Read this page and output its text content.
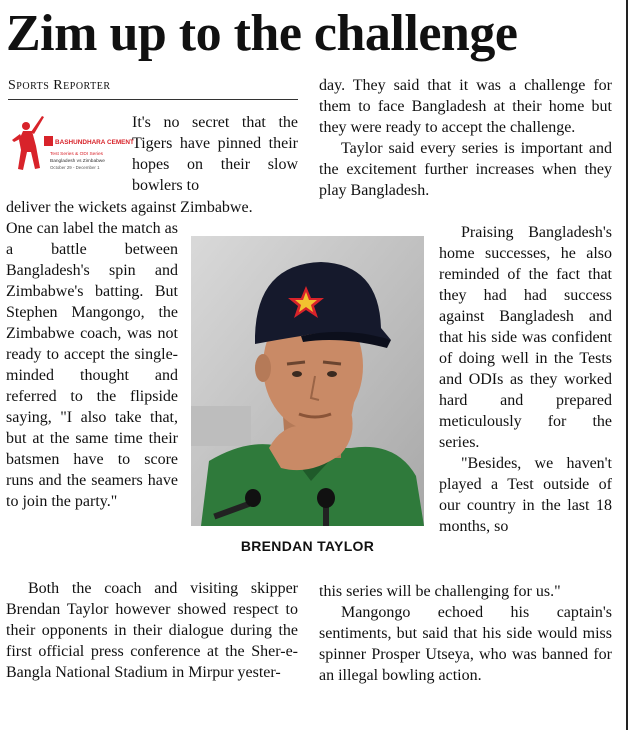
Zim up to the challenge
Sports Reporter
BASHUNDHARA CEMENT
Test Series & ODI Series
Bangladesh vs Zimbabwe
October 29 - December 1
It's no secret that the Tigers have pinned their hopes on their slow bowlers to
deliver the wickets against Zimbabwe.
One can label the match as a battle between Bangladesh's spin and Zimbabwe's batting. But Stephen Mangongo, the Zimbabwe coach, was not ready to accept the single-minded thought and referred to the flipside saying, "I also take that, but at the same time their batsmen have to score runs and the seamers have to join the party."
Both the coach and visiting skipper Brendan Taylor however showed respect to their opponents in their dialogue during the first official press conference at the Sher-e-Bangla National Stadium in Mirpur yester-
BRENDAN TAYLOR

day. They said that it was a challenge for them to face Bangladesh at their home but they were ready to accept the challenge.

Taylor said every series is important and the excitement further increases when they play Bangladesh.

Praising Bangladesh's home successes, he also reminded of the fact that they had had success against Bangladesh and that his side was confident of doing well in the Tests and ODIs as they worked hard and prepared meticulously for the series.

"Besides, we haven't played a Test outside of our country in the last 18 months, so

this series will be challenging for us."

Mangongo echoed his captain's sentiments, but said that his side would miss spinner Prosper Utseya, who was banned for an illegal bowling action.
